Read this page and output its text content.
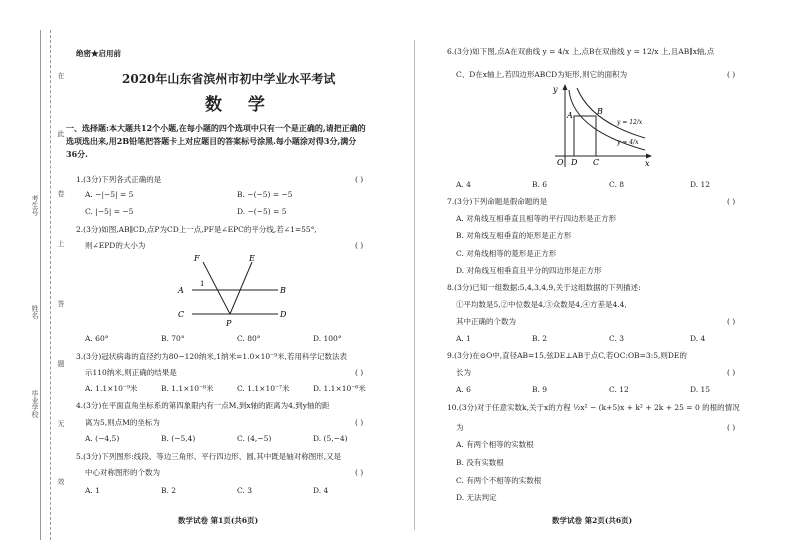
在
此
卷
上
答
题
无
效
考生号
姓名
毕业学校
绝密★启用前
2020年山东省滨州市初中学业水平考试
数 学
一、选择题:本大题共12个小题,在每小题的四个选项中只有一个是正确的,请把正确的选项选出来,用2B铅笔把答题卡上对应题目的答案标号涂黑.每小题涂对得3分,满分36分.
1.(3分)下列各式正确的是	( )
A. −|−5| = 5	B. −(−5) = −5
C. |−5| = −5	D. −(−5) = 5
2.(3分)如图,AB∥CD,点P为CD上一点,PF是∠EPC的平分线,若∠1=55°,
则∠EPD的大小为	( )
F	E
A
1
B
C
P
D
A. 60°	B. 70°	C. 80°	D. 100°
3.(3分)冠状病毒的直径约为80~120纳米,1纳米=1.0×10⁻⁹米,若用科学记数法表
示110纳米,则正确的结果是	( )
A. 1.1×10⁻⁹米	B. 1.1×10⁻⁸米	C. 1.1×10⁻⁷米	D. 1.1×10⁻⁶米
4.(3分)在平面直角坐标系的第四象限内有一点M,到x轴的距离为4,到y轴的距
离为5,则点M的坐标为	( )
A. (−4,5)	B. (−5,4)	C. (4,−5)	D. (5,−4)
5.(3分)下列图形:线段、等边三角形、平行四边形、圆,其中既是轴对称图形,又是
中心对称图形的个数为	( )
A. 1	B. 2	C. 3	D. 4
数学试卷 第1页(共6页)
6.(3分)如下图,点A在双曲线 y = 4/x 上,点B在双曲线 y = 12/x 上,且AB∥x轴,点
C、D在x轴上,若四边形ABCD为矩形,则它的面积为	( )
y
A	B
y = 12/x
y = 4/x
O D C	x
A. 4	B. 6	C. 8	D. 12
7.(3分)下列命题是假命题的是	( )
A. 对角线互相垂直且相等的平行四边形是正方形
B. 对角线互相垂直的矩形是正方形
C. 对角线相等的菱形是正方形
D. 对角线互相垂直且平分的四边形是正方形
8.(3分)已知一组数据:5,4,3,4,9,关于这组数据的下列描述:
①平均数是5,②中位数是4,③众数是4,④方差是4.4,
其中正确的个数为	( )
A. 1	B. 2	C. 3	D. 4
9.(3分)在⊙O中,直径AB=15,弦DE⊥AB于点C,若OC:OB=3:5,则DE的
长为	( )
A. 6	B. 9	C. 12	D. 15
10.(3分)对于任意实数k,关于x的方程 ½x² − (k+5)x + k² + 2k + 25 = 0 的根的情况
为	( )
A. 有两个相等的实数根
B. 没有实数根
C. 有两个不相等的实数根
D. 无法判定
数学试卷 第2页(共6页)
